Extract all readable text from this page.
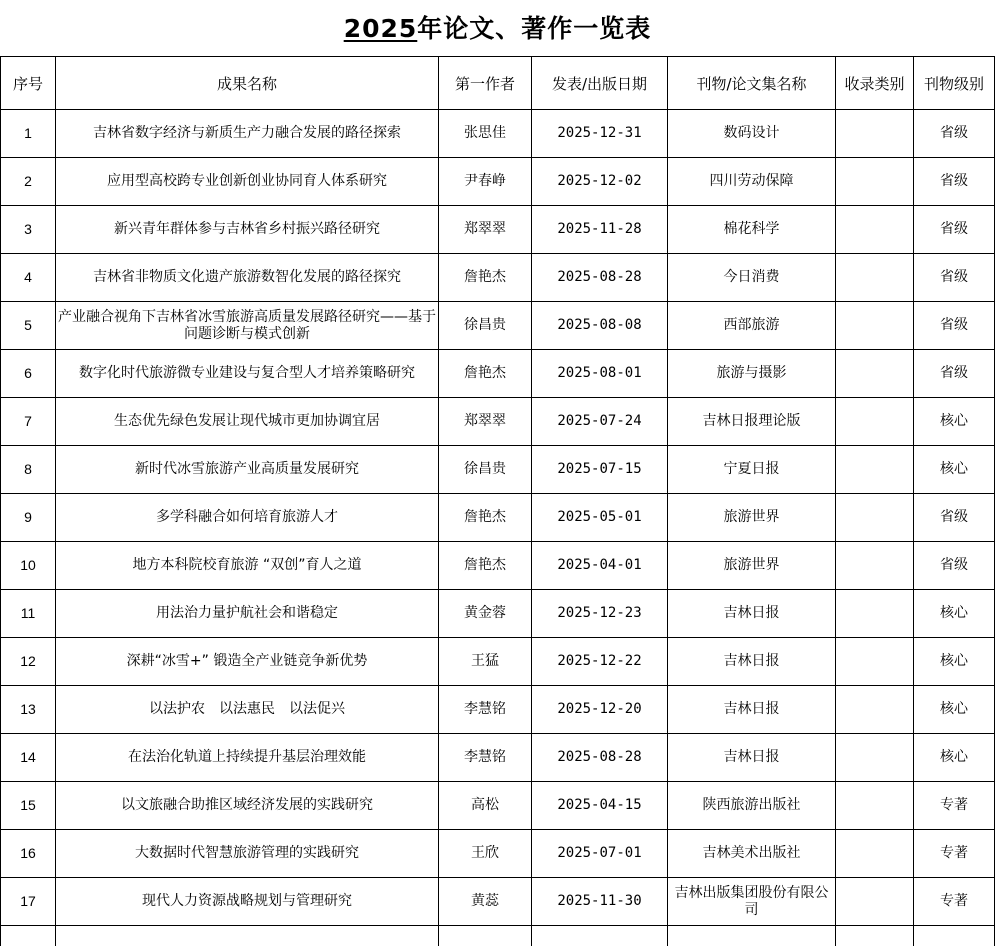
2025年论文、著作一览表
序号	成果名称	第一作者	发表/出版日期	刊物/论文集名称	收录类别	刊物级别
1	吉林省数字经济与新质生产力融合发展的路径探索	张思佳	2025-12-31	数码设计		省级
2	应用型高校跨专业创新创业协同育人体系研究	尹春峥	2025-12-02	四川劳动保障		省级
3	新兴青年群体参与吉林省乡村振兴路径研究	郑翠翠	2025-11-28	棉花科学		省级
4	吉林省非物质文化遗产旅游数智化发展的路径探究	詹艳杰	2025-08-28	今日消费		省级
5	产业融合视角下吉林省冰雪旅游高质量发展路径研究——基于问题诊断与模式创新	徐昌贵	2025-08-08	西部旅游		省级
6	数字化时代旅游微专业建设与复合型人才培养策略研究	詹艳杰	2025-08-01	旅游与摄影		省级
7	生态优先绿色发展让现代城市更加协调宜居	郑翠翠	2025-07-24	吉林日报理论版		核心
8	新时代冰雪旅游产业高质量发展研究	徐昌贵	2025-07-15	宁夏日报		核心
9	多学科融合如何培育旅游人才	詹艳杰	2025-05-01	旅游世界		省级
10	地方本科院校育旅游 “双创”育人之道	詹艳杰	2025-04-01	旅游世界		省级
11	用法治力量护航社会和谐稳定	黄金蓉	2025-12-23	吉林日报		核心
12	深耕“冰雪+” 锻造全产业链竞争新优势	王猛	2025-12-22	吉林日报		核心
13	以法护农　以法惠民　以法促兴	李慧铭	2025-12-20	吉林日报		核心
14	在法治化轨道上持续提升基层治理效能	李慧铭	2025-08-28	吉林日报		核心
15	以文旅融合助推区域经济发展的实践研究	高松	2025-04-15	陕西旅游出版社		专著
16	大数据时代智慧旅游管理的实践研究	王欣	2025-07-01	吉林美术出版社		专著
17	现代人力资源战略规划与管理研究	黄蕊	2025-11-30	吉林出版集团股份有限公司		专著
